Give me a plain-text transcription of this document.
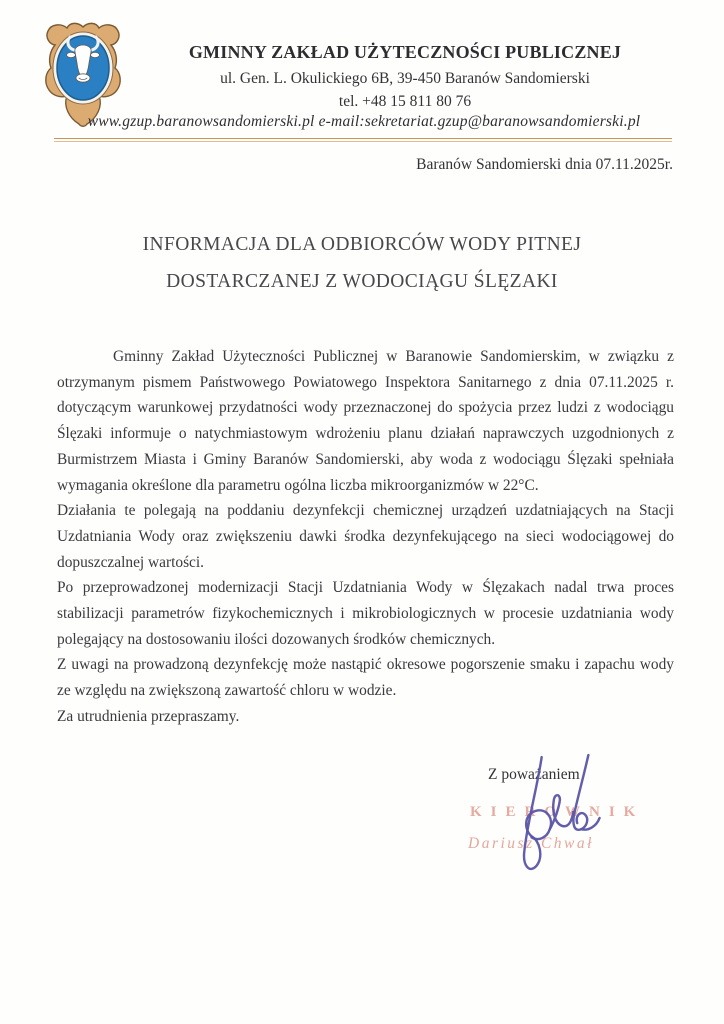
GMINNY ZAKŁAD UŻYTECZNOŚCI PUBLICZNEJ
ul. Gen. L. Okulickiego 6B, 39-450 Baranów Sandomierski
tel. +48 15 811 80 76
www.gzup.baranowsandomierski.pl e-mail:sekretariat.gzup@baranowsandomierski.pl
Baranów Sandomierski dnia 07.11.2025r.
INFORMACJA DLA ODBIORCÓW WODY PITNEJ
DOSTARCZANEJ Z WODOCIĄGU ŚLĘZAKI

Gminny Zakład Użyteczności Publicznej w Baranowie Sandomierskim, w związku z otrzymanym pismem Państwowego Powiatowego Inspektora Sanitarnego z dnia 07.11.2025 r. dotyczącym warunkowej przydatności wody przeznaczonej do spożycia przez ludzi z wodociągu Ślęzaki informuje o natychmiastowym wdrożeniu planu działań naprawczych uzgodnionych z Burmistrzem Miasta i Gminy Baranów Sandomierski, aby woda z wodociągu Ślęzaki spełniała wymagania określone dla parametru ogólna liczba mikroorganizmów w 22°C.

Działania te polegają na poddaniu dezynfekcji chemicznej urządzeń uzdatniających na Stacji Uzdatniania Wody oraz zwiększeniu dawki środka dezynfekującego na sieci wodociągowej do dopuszczalnej wartości.

Po przeprowadzonej modernizacji Stacji Uzdatniania Wody w Ślęzakach nadal trwa proces stabilizacji parametrów fizykochemicznych i mikrobiologicznych w procesie uzdatniania wody polegający na dostosowaniu ilości dozowanych środków chemicznych.

Z uwagi na prowadzoną dezynfekcję może nastąpić okresowe pogorszenie smaku i zapachu wody ze względu na zwiększoną zawartość chloru w wodzie.

Za utrudnienia przepraszamy.

Z poważaniem
KIEROWNIK
Dariusz Chwał
